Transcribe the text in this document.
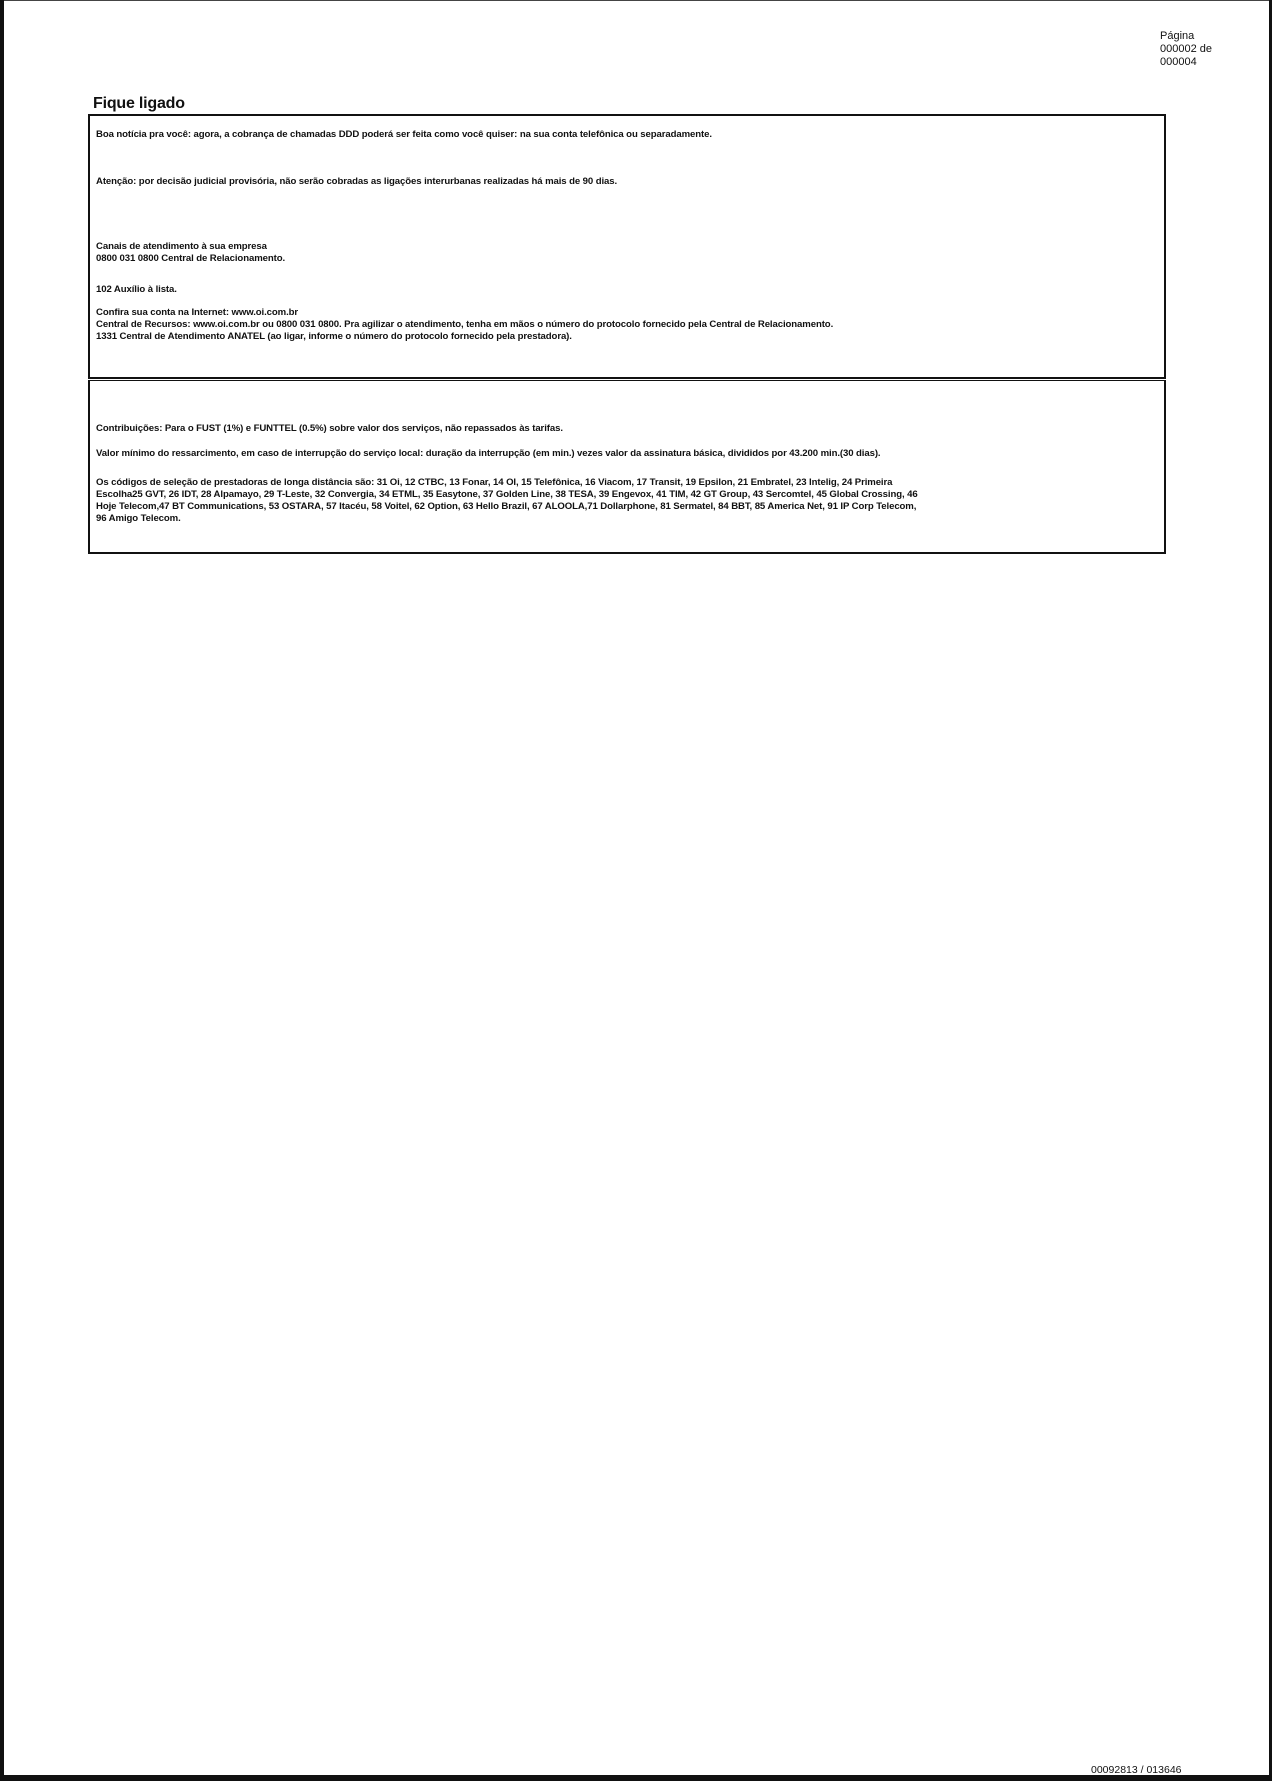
Página
000002 de
000004
Fique ligado

Boa notícia pra você: agora, a cobrança de chamadas DDD poderá ser feita como você quiser: na sua conta telefônica ou separadamente.

Atenção: por decisão judicial provisória, não serão cobradas as ligações interurbanas realizadas há mais de 90 dias.

Canais de atendimento à sua empresa

0800 031 0800 Central de Relacionamento.

102 Auxílio à lista.

Confira sua conta na Internet: www.oi.com.br

Central de Recursos: www.oi.com.br ou 0800 031 0800. Pra agilizar o atendimento, tenha em mãos o número do protocolo fornecido pela Central de Relacionamento.

1331 Central de Atendimento ANATEL (ao ligar, informe o número do protocolo fornecido pela prestadora).

Contribuições: Para o FUST (1%) e FUNTTEL (0.5%) sobre valor dos serviços, não repassados às tarifas.

Valor mínimo do ressarcimento, em caso de interrupção do serviço local: duração da interrupção (em min.) vezes valor da assinatura básica, divididos por 43.200 min.(30 dias).

Os códigos de seleção de prestadoras de longa distância são: 31 Oi, 12 CTBC, 13 Fonar, 14 OI, 15 Telefônica, 16 Viacom, 17 Transit, 19 Epsilon, 21 Embratel, 23 Intelig, 24 Primeira

Escolha25 GVT, 26 IDT, 28 Alpamayo, 29 T-Leste, 32 Convergia, 34 ETML, 35 Easytone, 37 Golden Line, 38 TESA, 39 Engevox, 41 TIM, 42 GT Group, 43 Sercomtel, 45 Global Crossing, 46

Hoje Telecom,47 BT Communications, 53 OSTARA, 57 Itacéu, 58 Voitel, 62 Option, 63 Hello Brazil, 67 ALOOLA,71 Dollarphone, 81 Sermatel, 84 BBT, 85 America Net, 91 IP Corp Telecom,

96 Amigo Telecom.

00092813 / 013646
